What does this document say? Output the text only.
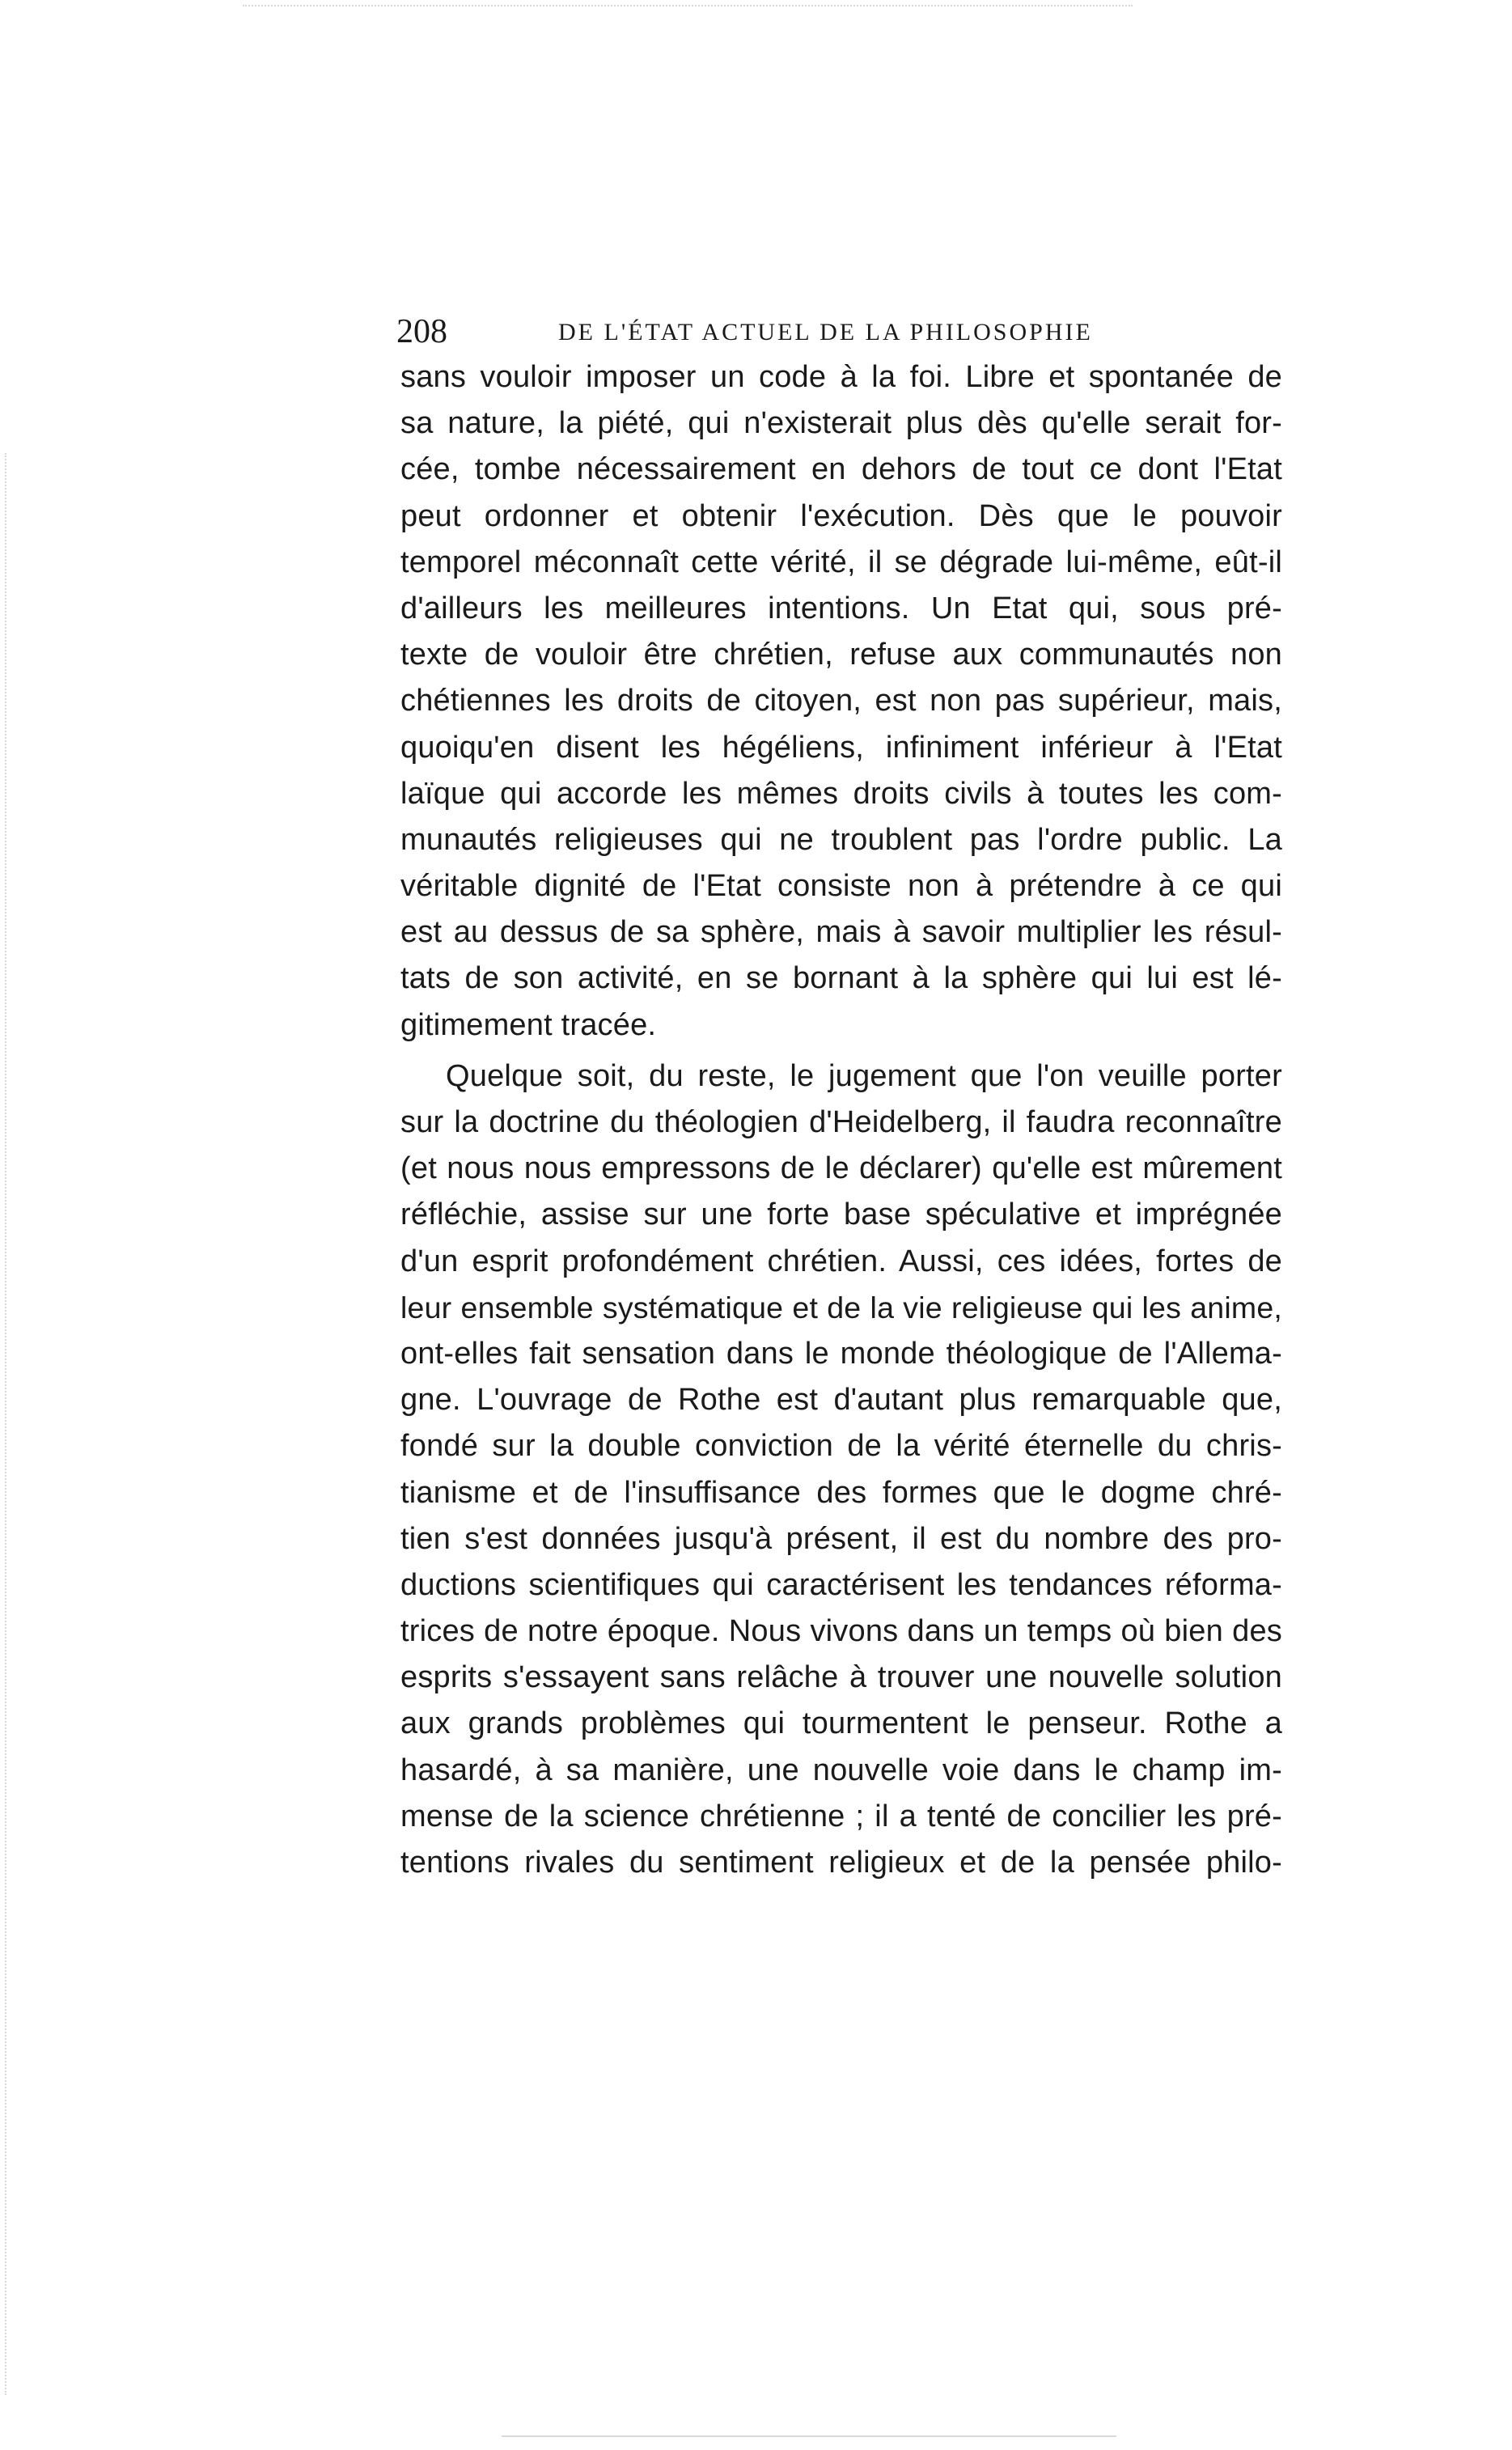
208	DE L'ÉTAT ACTUEL DE LA PHILOSOPHIE
sans vouloir imposer un code à la foi. Libre et spontanée de
sa nature, la piété, qui n'existerait plus dès qu'elle serait for-
cée, tombe nécessairement en dehors de tout ce dont l'Etat
peut ordonner et obtenir l'exécution. Dès que le pouvoir
temporel méconnaît cette vérité, il se dégrade lui-même, eût-il
d'ailleurs les meilleures intentions. Un Etat qui, sous pré-
texte de vouloir être chrétien, refuse aux communautés non
chétiennes les droits de citoyen, est non pas supérieur, mais,
quoiqu'en disent les hégéliens, infiniment inférieur à l'Etat
laïque qui accorde les mêmes droits civils à toutes les com-
munautés religieuses qui ne troublent pas l'ordre public. La
véritable dignité de l'Etat consiste non à prétendre à ce qui
est au dessus de sa sphère, mais à savoir multiplier les résul-
tats de son activité, en se bornant à la sphère qui lui est lé-
gitimement tracée.
Quelque soit, du reste, le jugement que l'on veuille porter
sur la doctrine du théologien d'Heidelberg, il faudra reconnaître
(et nous nous empressons de le déclarer) qu'elle est mûrement
réfléchie, assise sur une forte base spéculative et imprégnée
d'un esprit profondément chrétien. Aussi, ces idées, fortes de
leur ensemble systématique et de la vie religieuse qui les anime,
ont-elles fait sensation dans le monde théologique de l'Allema-
gne. L'ouvrage de Rothe est d'autant plus remarquable que,
fondé sur la double conviction de la vérité éternelle du chris-
tianisme et de l'insuffisance des formes que le dogme chré-
tien s'est données jusqu'à présent, il est du nombre des pro-
ductions scientifiques qui caractérisent les tendances réforma-
trices de notre époque. Nous vivons dans un temps où bien des
esprits s'essayent sans relâche à trouver une nouvelle solution
aux grands problèmes qui tourmentent le penseur. Rothe a
hasardé, à sa manière, une nouvelle voie dans le champ im-
mense de la science chrétienne ; il a tenté de concilier les pré-
tentions rivales du sentiment religieux et de la pensée philo-
